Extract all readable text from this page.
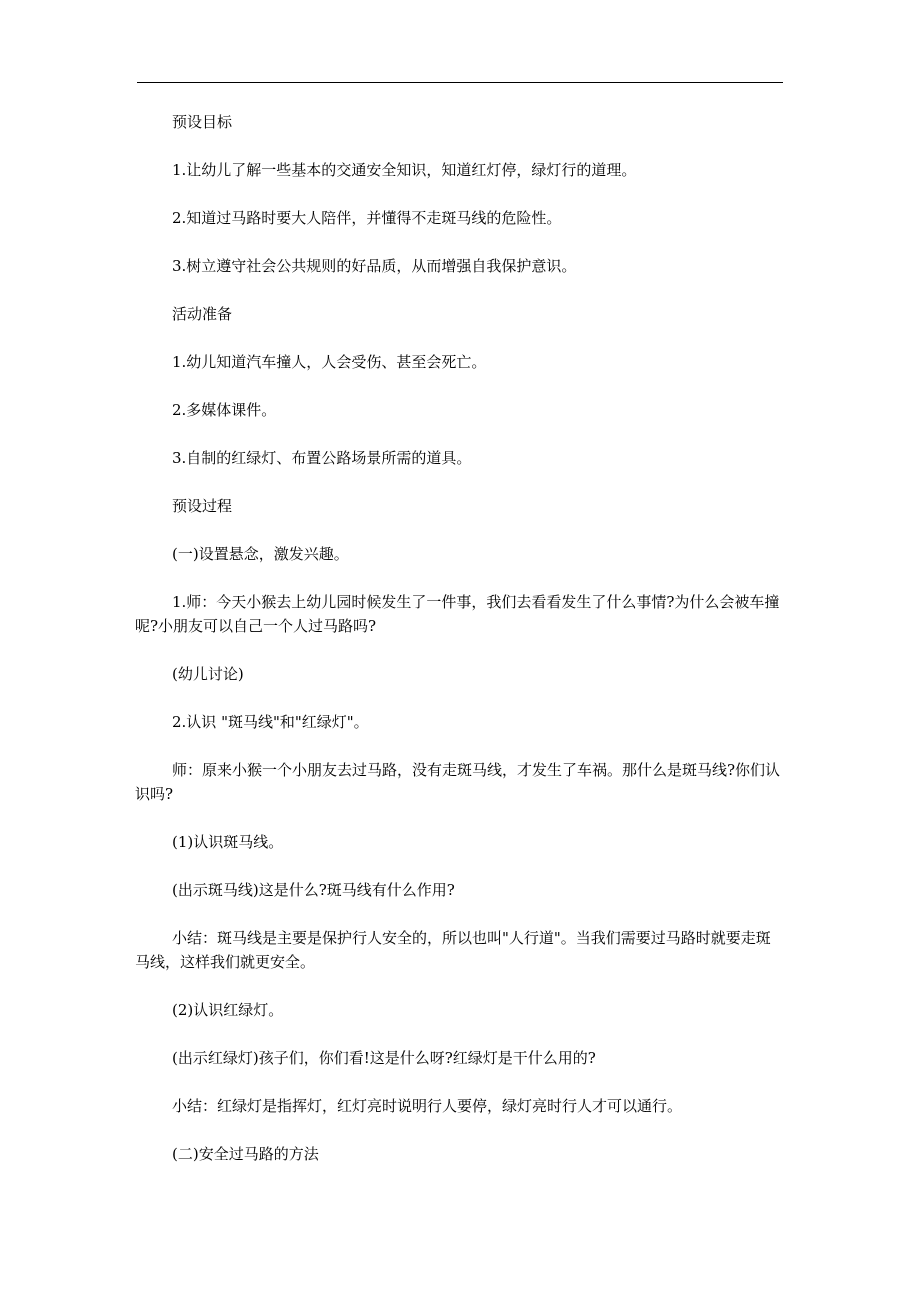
预设目标

1.让幼儿了解一些基本的交通安全知识，知道红灯停，绿灯行的道理。

2.知道过马路时要大人陪伴，并懂得不走斑马线的危险性。

3.树立遵守社会公共规则的好品质，从而增强自我保护意识。

活动准备

1.幼儿知道汽车撞人，人会受伤、甚至会死亡。

2.多媒体课件。

3.自制的红绿灯、布置公路场景所需的道具。

预设过程

(一)设置悬念，激发兴趣。

1.师：今天小猴去上幼儿园时候发生了一件事，我们去看看发生了什么事情?为什么会被车撞呢?小朋友可以自己一个人过马路吗?

(幼儿讨论)

2.认识 "斑马线"和"红绿灯"。

师：原来小猴一个小朋友去过马路，没有走斑马线，才发生了车祸。那什么是斑马线?你们认识吗?

(1)认识斑马线。

(出示斑马线)这是什么?斑马线有什么作用?

小结：斑马线是主要是保护行人安全的，所以也叫"人行道"。当我们需要过马路时就要走斑马线，这样我们就更安全。

(2)认识红绿灯。

(出示红绿灯)孩子们，你们看!这是什么呀?红绿灯是干什么用的?

小结：红绿灯是指挥灯，红灯亮时说明行人要停，绿灯亮时行人才可以通行。

(二)安全过马路的方法
